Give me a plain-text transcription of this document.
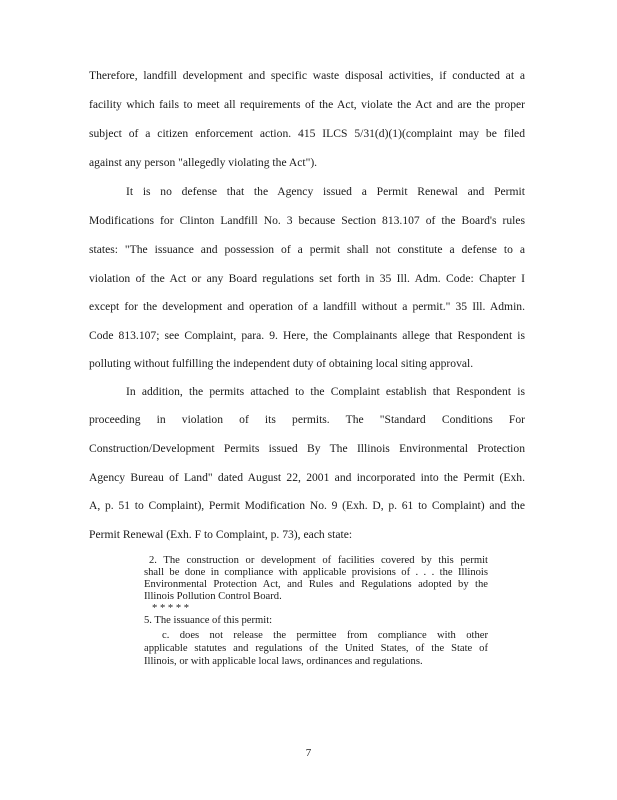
Therefore, landfill development and specific waste disposal activities, if conducted at a
facility which fails to meet all requirements of the Act, violate the Act and are the proper
subject of a citizen enforcement action. 415 ILCS 5/31(d)(1)(complaint may be filed
against any person "allegedly violating the Act").
It is no defense that the Agency issued a Permit Renewal and Permit
Modifications for Clinton Landfill No. 3 because Section 813.107 of the Board's rules
states: "The issuance and possession of a permit shall not constitute a defense to a
violation of the Act or any Board regulations set forth in 35 Ill. Adm. Code: Chapter I
except for the development and operation of a landfill without a permit." 35 Ill. Admin.
Code 813.107; see Complaint, para. 9. Here, the Complainants allege that Respondent is
polluting without fulfilling the independent duty of obtaining local siting approval.
In addition, the permits attached to the Complaint establish that Respondent is
proceeding in violation of its permits. The "Standard Conditions For
Construction/Development Permits issued By The Illinois Environmental Protection
Agency Bureau of Land" dated August 22, 2001 and incorporated into the Permit (Exh.
A, p. 51 to Complaint), Permit Modification No. 9 (Exh. D, p. 61 to Complaint) and the
Permit Renewal (Exh. F to Complaint, p. 73), each state:
2. The construction or development of facilities covered by this permit
shall be done in compliance with applicable provisions of . . . the Illinois
Environmental Protection Act, and Rules and Regulations adopted by the
Illinois Pollution Control Board.
* * * * *
5. The issuance of this permit:
c. does not release the permittee from compliance with other
applicable statutes and regulations of the United States, of the State of
Illinois, or with applicable local laws, ordinances and regulations.
7
